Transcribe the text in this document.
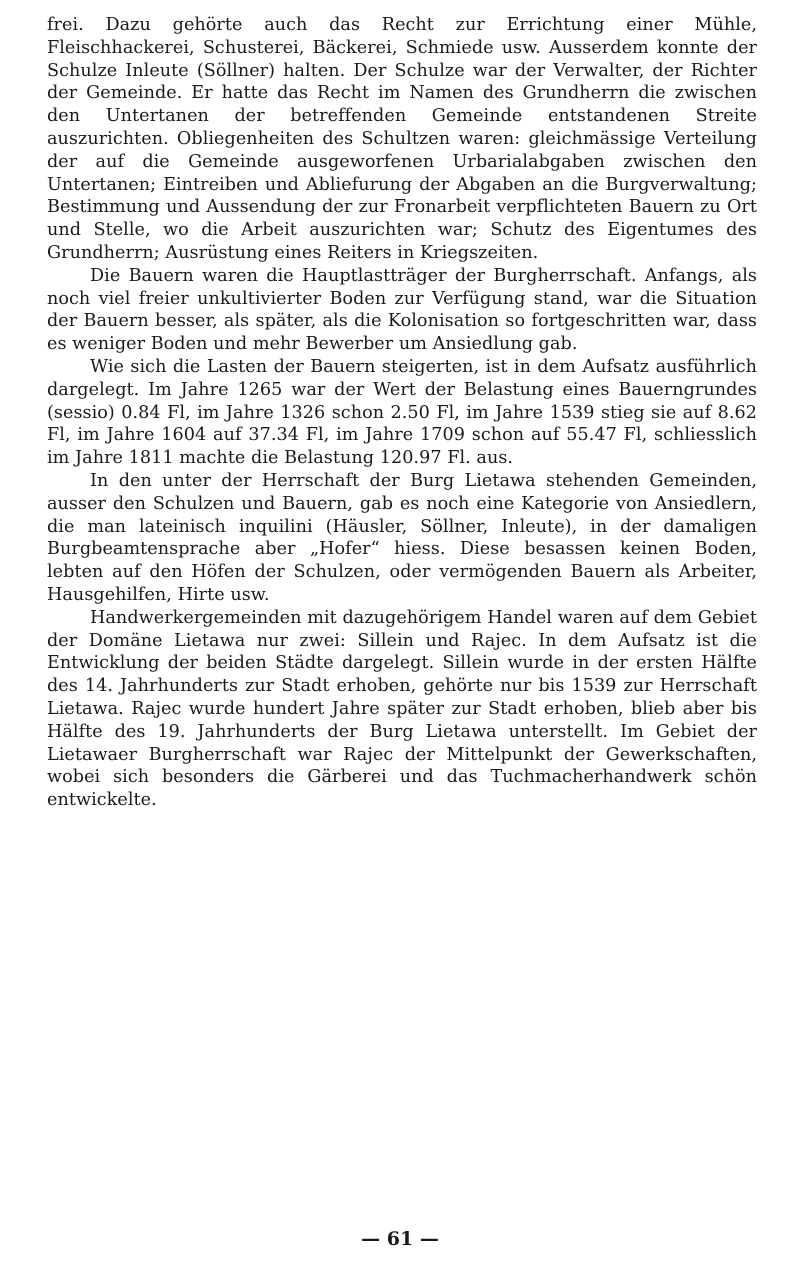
frei. Dazu gehörte auch das Recht zur Errichtung einer Mühle, Fleischhackerei, Schusterei, Bäckerei, Schmiede usw. Ausserdem konnte der Schulze Inleute (Söllner) halten. Der Schulze war der Verwalter, der Richter der Gemeinde. Er hatte das Recht im Namen des Grundherrn die zwischen den Untertanen der betreffenden Gemeinde entstandenen Streite auszurichten. Obliegenheiten des Schultzen waren: gleichmässige Verteilung der auf die Gemeinde ausgeworfenen Urbarialabgaben zwischen den Untertanen; Eintreiben und Abliefurung der Abgaben an die Burgverwaltung; Bestimmung und Aussendung der zur Fronarbeit verpflichteten Bauern zu Ort und Stelle, wo die Arbeit auszurichten war; Schutz des Eigentumes des Grundherrn; Ausrüstung eines Reiters in Kriegszeiten.

Die Bauern waren die Hauptlastträger der Burgherrschaft. Anfangs, als noch viel freier unkultivierter Boden zur Verfügung stand, war die Situation der Bauern besser, als später, als die Kolonisation so fortgeschritten war, dass es weniger Boden und mehr Bewerber um Ansiedlung gab.

Wie sich die Lasten der Bauern steigerten, ist in dem Aufsatz ausführlich dargelegt. Im Jahre 1265 war der Wert der Belastung eines Bauerngrundes (sessio) 0.84 Fl, im Jahre 1326 schon 2.50 Fl, im Jahre 1539 stieg sie auf 8.62 Fl, im Jahre 1604 auf 37.34 Fl, im Jahre 1709 schon auf 55.47 Fl, schliesslich im Jahre 1811 machte die Belastung 120.97 Fl. aus.

In den unter der Herrschaft der Burg Lietawa stehenden Gemeinden, ausser den Schulzen und Bauern, gab es noch eine Kategorie von Ansiedlern, die man lateinisch inquilini (Häusler, Söllner, Inleute), in der damaligen Burgbeamtensprache aber „Hofer“ hiess. Diese besassen keinen Boden, lebten auf den Höfen der Schulzen, oder vermögenden Bauern als Arbeiter, Hausgehilfen, Hirte usw.

Handwerkergemeinden mit dazugehörigem Handel waren auf dem Gebiet der Domäne Lietawa nur zwei: Sillein und Rajec. In dem Aufsatz ist die Entwicklung der beiden Städte dargelegt. Sillein wurde in der ersten Hälfte des 14. Jahrhunderts zur Stadt erhoben, gehörte nur bis 1539 zur Herrschaft Lietawa. Rajec wurde hundert Jahre später zur Stadt erhoben, blieb aber bis Hälfte des 19. Jahrhunderts der Burg Lietawa unterstellt. Im Gebiet der Lietawaer Burgherrschaft war Rajec der Mittelpunkt der Gewerkschaften, wobei sich besonders die Gärberei und das Tuchmacherhandwerk schön entwickelte.

— 61 —
